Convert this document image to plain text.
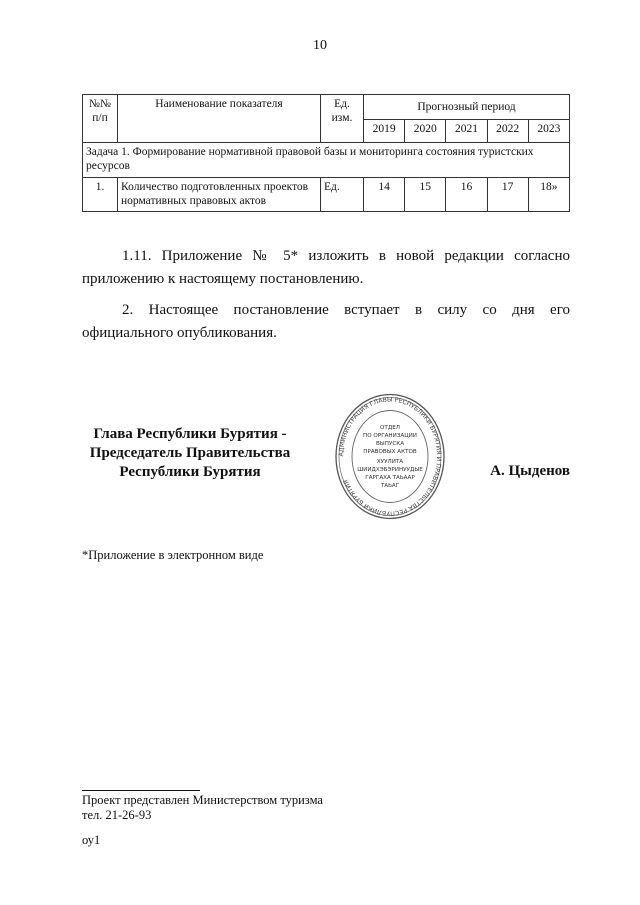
10
№№ п/п	Наименование показателя	Ед. изм.	Прогнозный период				
			2019	2020	2021	2022	2023
Задача 1. Формирование нормативной правовой базы и мониторинга состояния туристских ресурсов							
1.	Количество подготовленных проектов нормативных правовых актов	Ед.	14	15	16	17	18»
1.11. Приложение № 5* изложить в новой редакции согласно приложению к настоящему постановлению.
2. Настоящее постановление вступает в силу со дня его официального опубликования.
Глава Республики Бурятия -
Председатель Правительства
Республики Бурятия
АДМИНИСТРАЦИЯ ГЛАВЫ РЕСПУБЛИКИ БУРЯТИЯ И ПРАВИТЕЛЬСТВА РЕСПУБЛИКИ БУРЯТИЯ
ОТДЕЛ
ПО ОРГАНИЗАЦИИ
ВЫПУСКА
ПРАВОВЫХ АКТОВ
ХУУЛИТА
ШИИДХЭБЭРИНУУДЫЕ
ГАРГАХА ТАЬААР
ТАЬАГ
А. Цыденов
*Приложение в электронном виде
Проект представлен Министерством туризма
тел. 21-26-93
оу1
